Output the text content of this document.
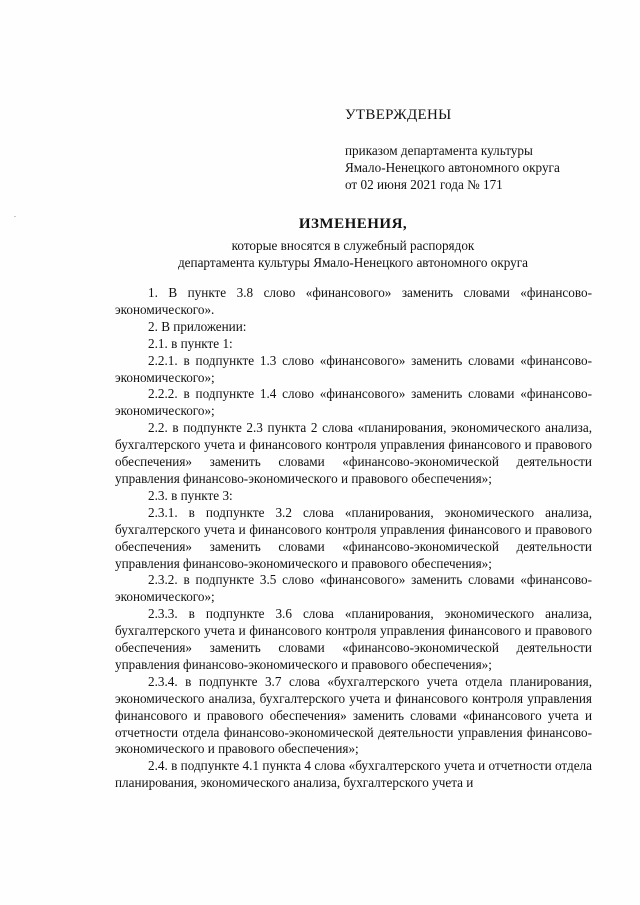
УТВЕРЖДЕНЫ
приказом департамента культуры
Ямало-Ненецкого автономного округа
от 02 июня 2021 года № 171
ИЗМЕНЕНИЯ,
которые вносятся в служебный распорядок
департамента культуры Ямало-Ненецкого автономного округа

1. В пункте 3.8 слово «финансового» заменить словами «финансово-экономического».

2. В приложении:

2.1. в пункте 1:

2.2.1. в подпункте 1.3 слово «финансового» заменить словами «финансово-экономического»;

2.2.2. в подпункте 1.4 слово «финансового» заменить словами «финансово-экономического»;

2.2. в подпункте 2.3 пункта 2 слова «планирования, экономического анализа, бухгалтерского учета и финансового контроля управления финансового и правового обеспечения» заменить словами «финансово-экономической деятельности управления финансово-экономического и правового обеспечения»;

2.3. в пункте 3:

2.3.1. в подпункте 3.2 слова «планирования, экономического анализа, бухгалтерского учета и финансового контроля управления финансового и правового обеспечения» заменить словами «финансово-экономической деятельности управления финансово-экономического и правового обеспечения»;

2.3.2. в подпункте 3.5 слово «финансового» заменить словами «финансово-экономического»;

2.3.3. в подпункте 3.6 слова «планирования, экономического анализа, бухгалтерского учета и финансового контроля управления финансового и правового обеспечения» заменить словами «финансово-экономической деятельности управления финансово-экономического и правового обеспечения»;

2.3.4. в подпункте 3.7 слова «бухгалтерского учета отдела планирования, экономического анализа, бухгалтерского учета и финансового контроля управления финансового и правового обеспечения» заменить словами «финансового учета и отчетности отдела финансово-экономической деятельности управления финансово-экономического и правового обеспечения»;

2.4. в подпункте 4.1 пункта 4 слова «бухгалтерского учета и отчетности отдела планирования, экономического анализа, бухгалтерского учета и
